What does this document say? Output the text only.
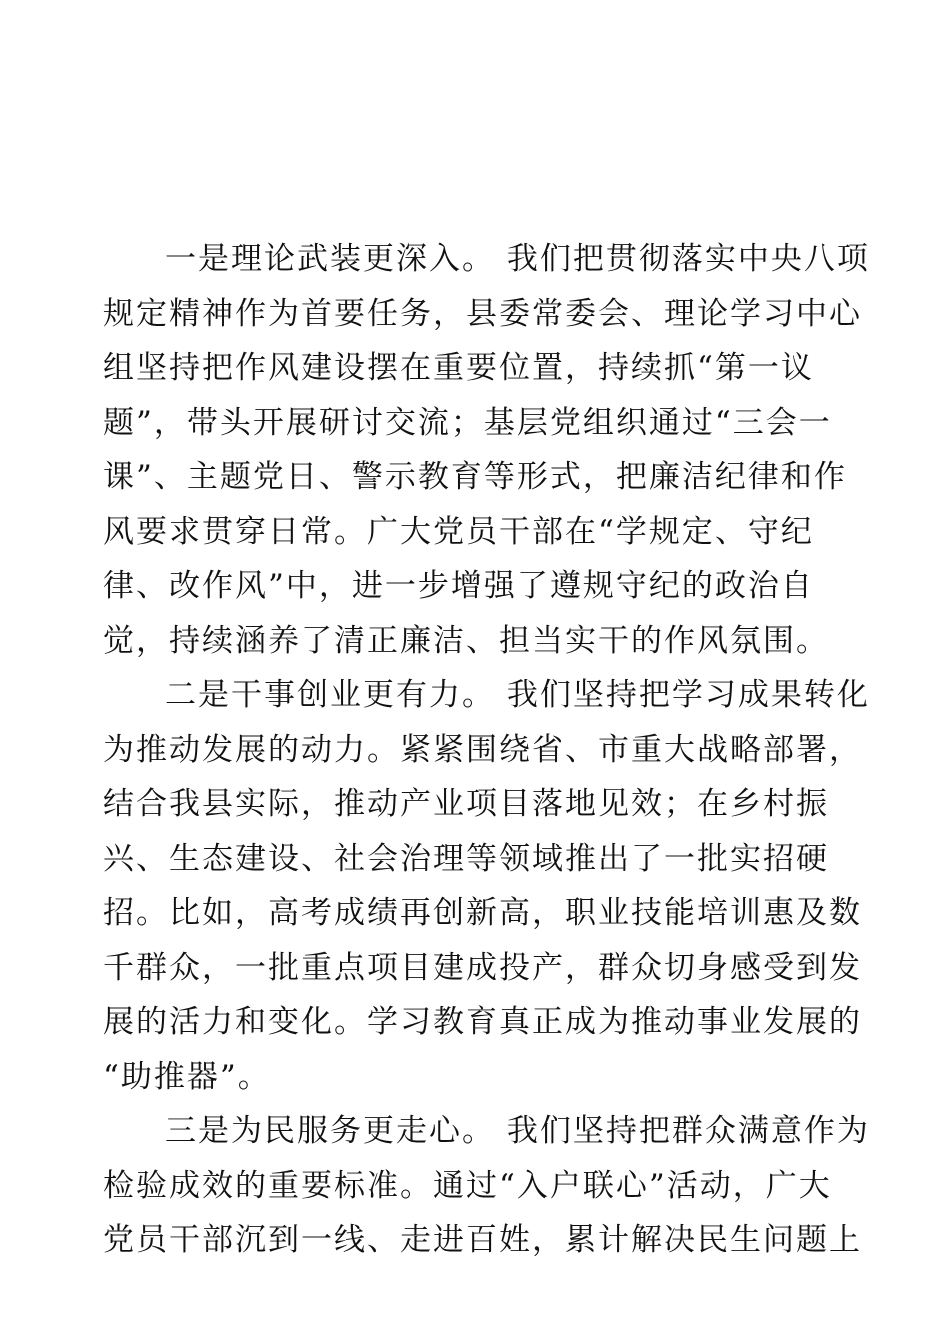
一是理论武装更深入。 我们把贯彻落实中央八项
规定精神作为首要任务，县委常委会、理论学习中心
组坚持把作风建设摆在重要位置，持续抓“第一议
题”，带头开展研讨交流；基层党组织通过“三会一
课”、主题党日、警示教育等形式，把廉洁纪律和作
风要求贯穿日常。广大党员干部在“学规定、守纪
律、改作风”中，进一步增强了遵规守纪的政治自
觉，持续涵养了清正廉洁、担当实干的作风氛围。
二是干事创业更有力。 我们坚持把学习成果转化
为推动发展的动力。紧紧围绕省、市重大战略部署，
结合我县实际，推动产业项目落地见效；在乡村振
兴、生态建设、社会治理等领域推出了一批实招硬
招。比如，高考成绩再创新高，职业技能培训惠及数
千群众，一批重点项目建成投产，群众切身感受到发
展的活力和变化。学习教育真正成为推动事业发展的
“助推器”。
三是为民服务更走心。 我们坚持把群众满意作为
检验成效的重要标准。通过“入户联心”活动，广大
党员干部沉到一线、走进百姓，累计解决民生问题上
